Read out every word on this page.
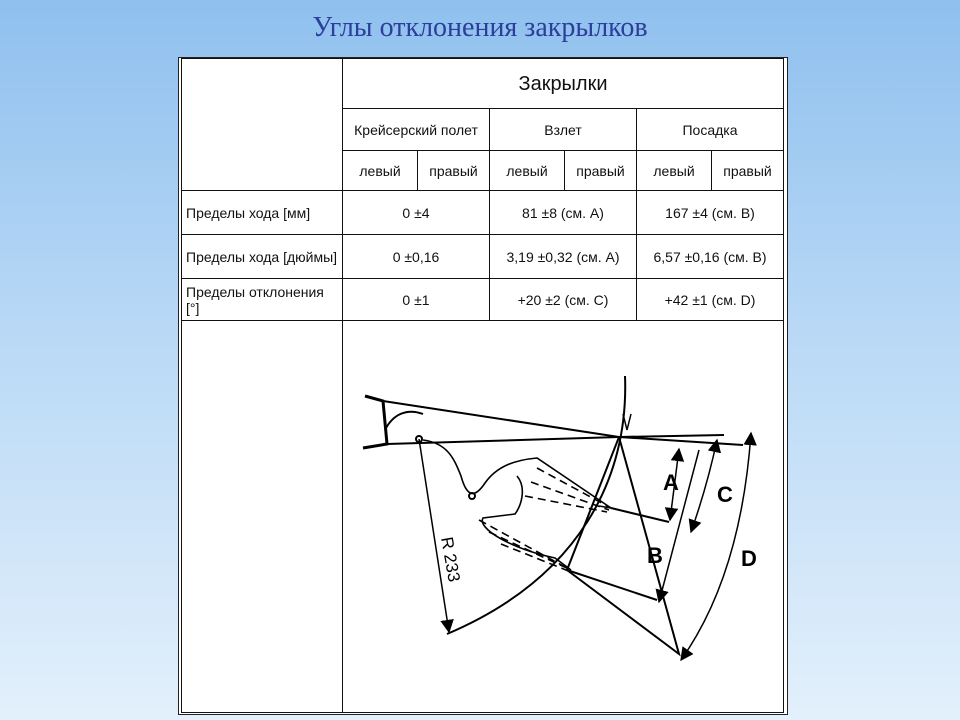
Углы отклонения закрылков
	Закрылки					
	Крейсерский полет		Взлет		Посадка	
	левый	правый	левый	правый	левый	правый
Пределы хода [мм]	0 ±4		81 ±8 (см. A)		167 ±4 (см. B)	
Пределы хода [дюймы]	0 ±0,16		3,19 ±0,32 (см. A)		6,57 ±0,16 (см. B)	
Пределы отклонения [°]	0 ±1		+20 ±2 (см. C)		+42 ±1 (см. D)	

A C
B	D
R 233
